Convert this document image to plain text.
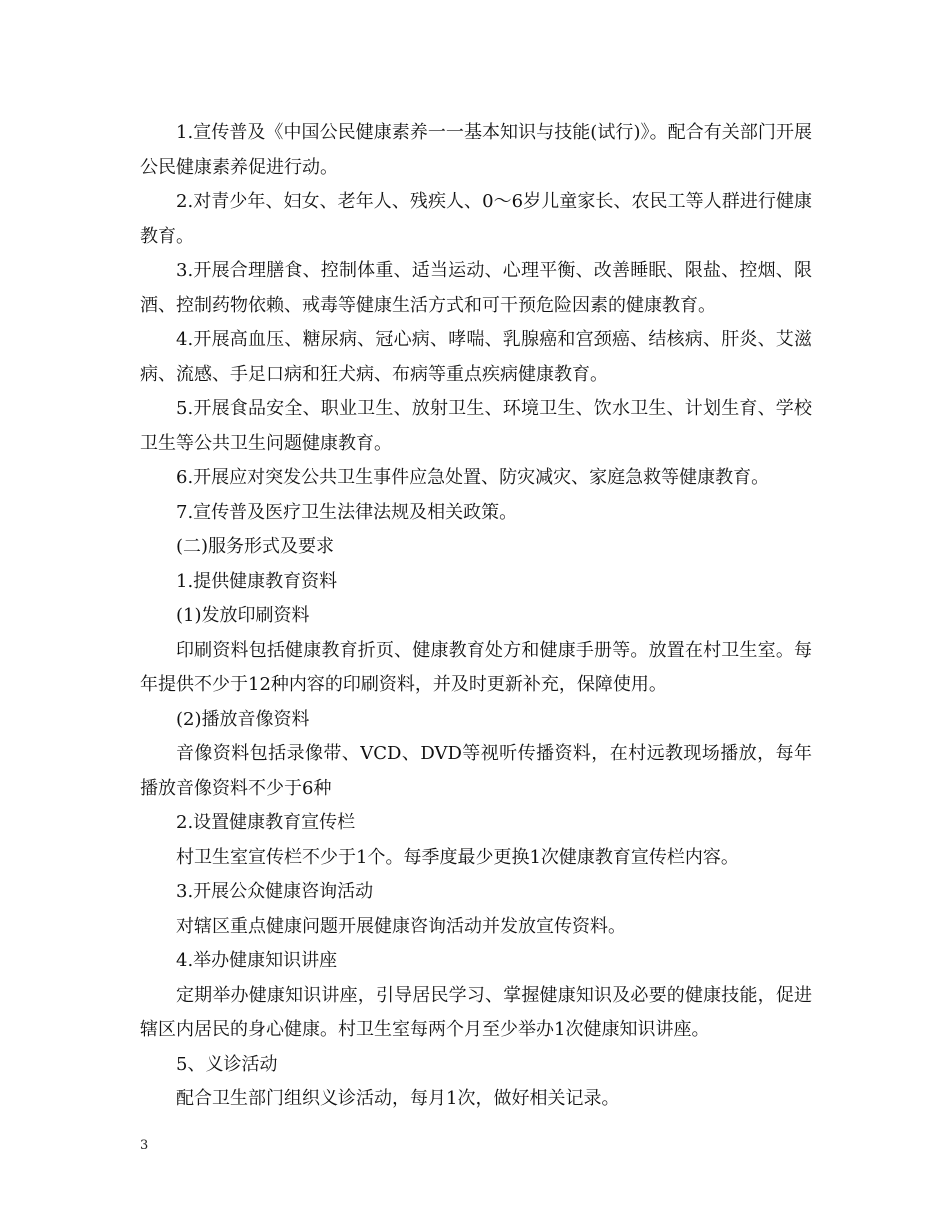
1.宣传普及《中国公民健康素养一一基本知识与技能(试行)》。配合有关部门开展公民健康素养促进行动。

2.对青少年、妇女、老年人、残疾人、0～6岁儿童家长、农民工等人群进行健康教育。

3.开展合理膳食、控制体重、适当运动、心理平衡、改善睡眠、限盐、控烟、限酒、控制药物依赖、戒毒等健康生活方式和可干预危险因素的健康教育。

4.开展高血压、糖尿病、冠心病、哮喘、乳腺癌和宫颈癌、结核病、肝炎、艾滋病、流感、手足口病和狂犬病、布病等重点疾病健康教育。

5.开展食品安全、职业卫生、放射卫生、环境卫生、饮水卫生、计划生育、学校卫生等公共卫生问题健康教育。

6.开展应对突发公共卫生事件应急处置、防灾减灾、家庭急救等健康教育。

7.宣传普及医疗卫生法律法规及相关政策。

(二)服务形式及要求

1.提供健康教育资料

(1)发放印刷资料

印刷资料包括健康教育折页、健康教育处方和健康手册等。放置在村卫生室。每年提供不少于12种内容的印刷资料，并及时更新补充，保障使用。

(2)播放音像资料

音像资料包括录像带、VCD、DVD等视听传播资料，在村远教现场播放，每年播放音像资料不少于6种

2.设置健康教育宣传栏

村卫生室宣传栏不少于1个。每季度最少更换1次健康教育宣传栏内容。

3.开展公众健康咨询活动

对辖区重点健康问题开展健康咨询活动并发放宣传资料。

4.举办健康知识讲座

定期举办健康知识讲座，引导居民学习、掌握健康知识及必要的健康技能，促进辖区内居民的身心健康。村卫生室每两个月至少举办1次健康知识讲座。

5、义诊活动

配合卫生部门组织义诊活动，每月1次，做好相关记录。

3
